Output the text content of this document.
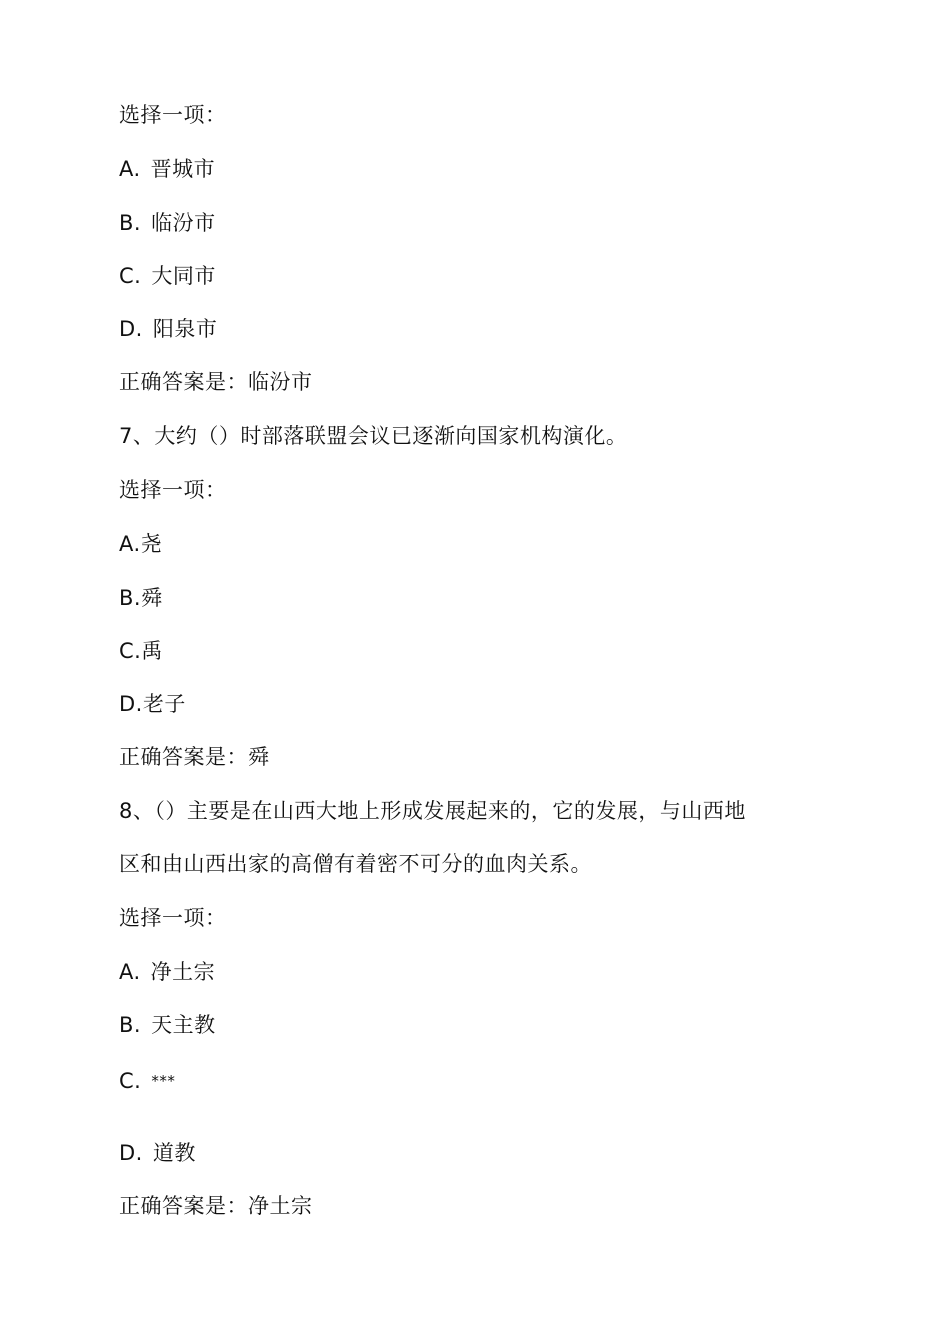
选择一项：
A. 晋城市
B. 临汾市
C. 大同市
D. 阳泉市
正确答案是：临汾市
7、大约（）时部落联盟会议已逐渐向国家机构演化。
选择一项：
A.尧
B.舜
C.禹
D.老子
正确答案是：舜
8、（）主要是在山西大地上形成发展起来的，它的发展，与山西地
区和由山西出家的高僧有着密不可分的血肉关系。
选择一项：
A. 净土宗
B. 天主教
C. ***
D. 道教
正确答案是：净土宗
